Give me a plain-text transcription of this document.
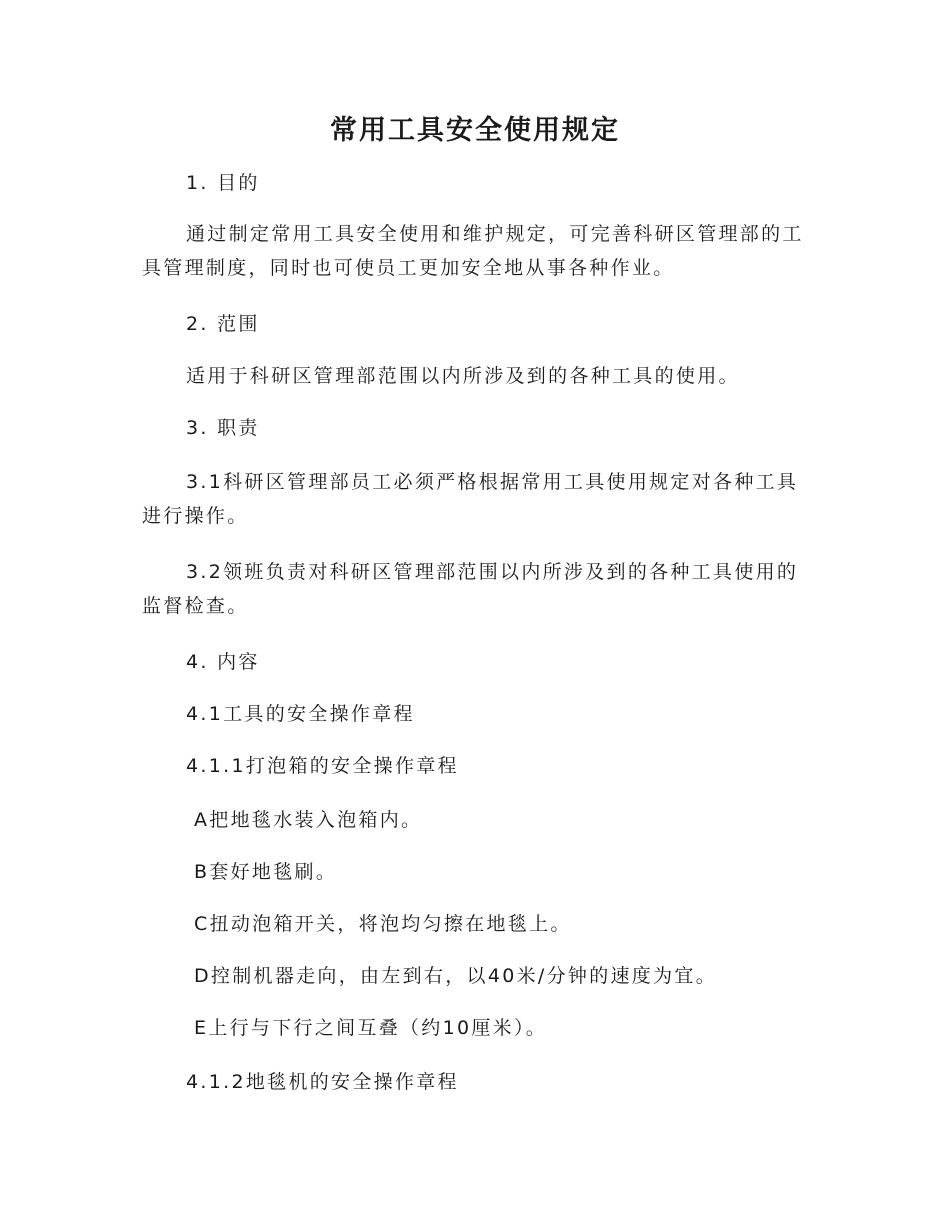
常用工具安全使用规定
1. 目的
通过制定常用工具安全使用和维护规定，可完善科研区管理部的工具管理制度，同时也可使员工更加安全地从事各种作业。
2. 范围
适用于科研区管理部范围以内所涉及到的各种工具的使用。
3. 职责
3.1科研区管理部员工必须严格根据常用工具使用规定对各种工具进行操作。
3.2领班负责对科研区管理部范围以内所涉及到的各种工具使用的监督检查。
4. 内容
4.1工具的安全操作章程
4.1.1打泡箱的安全操作章程
A把地毯水装入泡箱内。
B套好地毯刷。
C扭动泡箱开关，将泡均匀擦在地毯上。
D控制机器走向，由左到右，以40米/分钟的速度为宜。
E上行与下行之间互叠（约10厘米）。
4.1.2地毯机的安全操作章程
